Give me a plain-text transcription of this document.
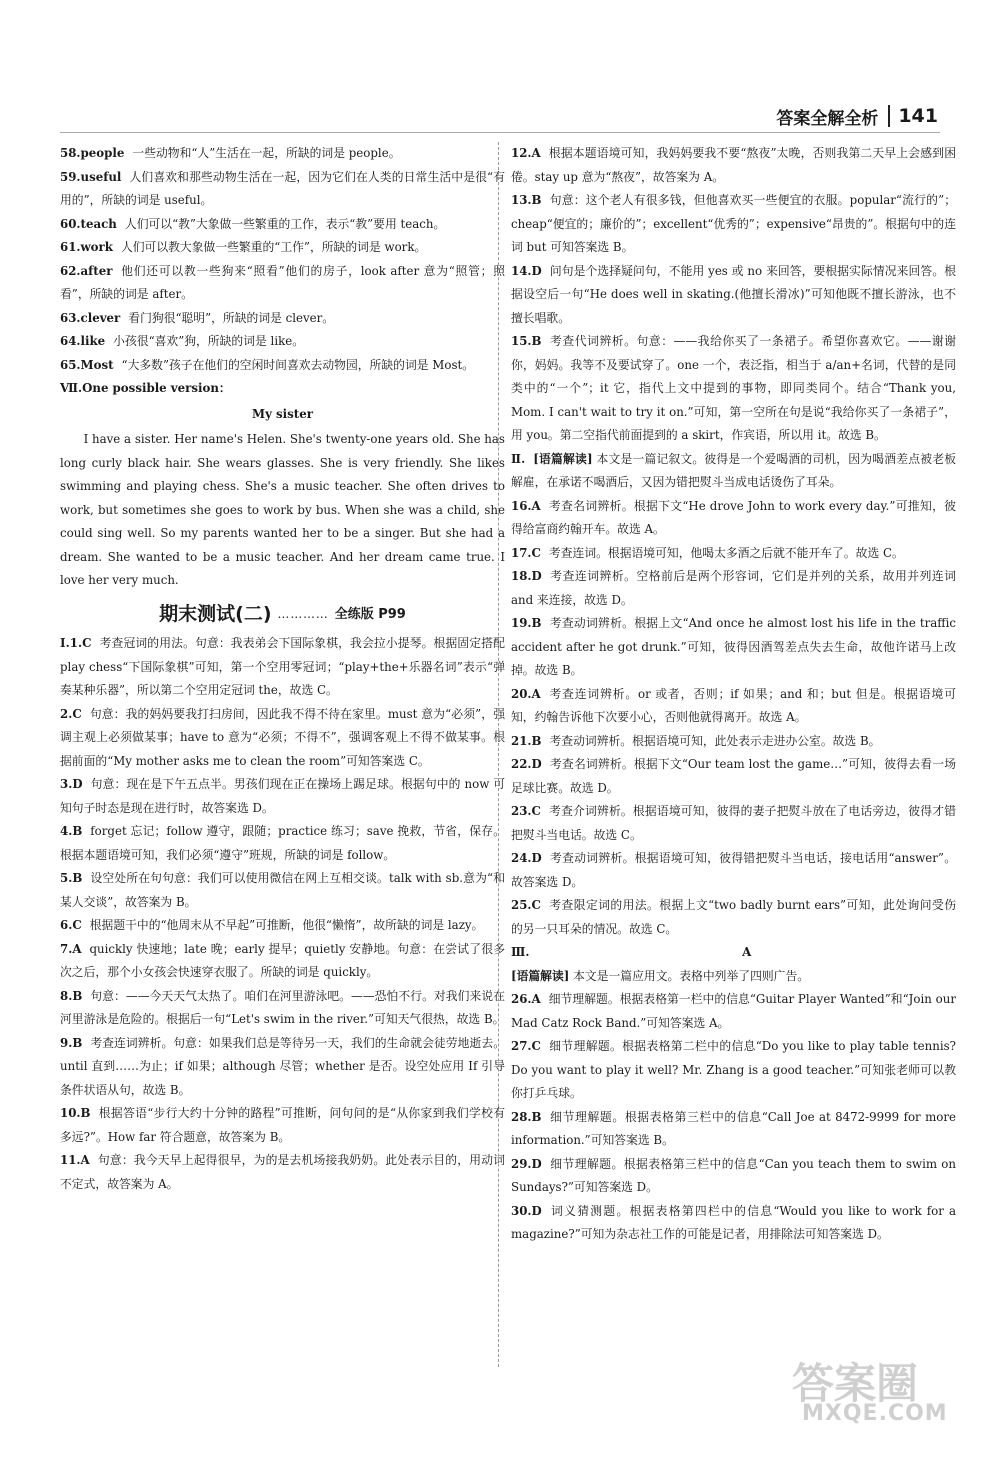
答案全解全析	141

58.people 一些动物和“人”生活在一起，所缺的词是 people。

59.useful 人们喜欢和那些动物生活在一起，因为它们在人类的日常生活中是很“有用的”，所缺的词是 useful。

60.teach 人们可以“教”大象做一些繁重的工作，表示“教”要用 teach。

61.work 人们可以教大象做一些繁重的“工作”，所缺的词是 work。

62.after 他们还可以教一些狗来“照看”他们的房子，look after 意为“照管；照看”，所缺的词是 after。

63.clever 看门狗很“聪明”，所缺的词是 clever。

64.like 小孩很“喜欢”狗，所缺的词是 like。

65.Most “大多数”孩子在他们的空闲时间喜欢去动物园，所缺的词是 Most。

Ⅶ.One possible version：

My sister

I have a sister. Her name's Helen. She's twenty-one years old. She has long curly black hair. She wears glasses. She is very friendly. She likes swimming and playing chess. She's a music teacher. She often drives to work, but sometimes she goes to work by bus. When she was a child, she could sing well. So my parents wanted her to be a singer. But she had a dream. She wanted to be a music teacher. And her dream came true. I love her very much.

期末测试(二) ………… 全练版 P99

Ⅰ.1.C 考查冠词的用法。句意：我表弟会下国际象棋，我会拉小提琴。根据固定搭配 play chess“下国际象棋”可知，第一个空用零冠词；“play+the+乐器名词”表示“弹奏某种乐器”，所以第二个空用定冠词 the，故选 C。

2.C 句意：我的妈妈要我打扫房间，因此我不得不待在家里。must 意为“必须”，强调主观上必须做某事；have to 意为“必须；不得不”，强调客观上不得不做某事。根据前面的“My mother asks me to clean the room”可知答案选 C。

3.D 句意：现在是下午五点半。男孩们现在正在操场上踢足球。根据句中的 now 可知句子时态是现在进行时，故答案选 D。

4.B forget 忘记；follow 遵守，跟随；practice 练习；save 挽救，节省，保存。根据本题语境可知，我们必须“遵守”班规，所缺的词是 follow。

5.B 设空处所在句句意：我们可以使用微信在网上互相交谈。talk with sb.意为“和某人交谈”，故答案为 B。

6.C 根据题干中的“他周末从不早起”可推断，他很“懒惰”，故所缺的词是 lazy。

7.A quickly 快速地；late 晚；early 提早；quietly 安静地。句意：在尝试了很多次之后，那个小女孩会快速穿衣服了。所缺的词是 quickly。

8.B 句意：——今天天气太热了。咱们在河里游泳吧。——恐怕不行。对我们来说在河里游泳是危险的。根据后一句“Let's swim in the river.”可知天气很热，故选 B。

9.B 考查连词辨析。句意：如果我们总是等待另一天，我们的生命就会徒劳地逝去。until 直到……为止；if 如果；although 尽管；whether 是否。设空处应用 If 引导条件状语从句，故选 B。

10.B 根据答语“步行大约十分钟的路程”可推断，问句问的是“从你家到我们学校有多远?”。How far 符合题意，故答案为 B。

11.A 句意：我今天早上起得很早，为的是去机场接我奶奶。此处表示目的，用动词不定式，故答案为 A。

12.A 根据本题语境可知，我妈妈要我不要“熬夜”太晚，否则我第二天早上会感到困倦。stay up 意为“熬夜”，故答案为 A。

13.B 句意：这个老人有很多钱，但他喜欢买一些便宜的衣服。popular“流行的”；cheap“便宜的；廉价的”；excellent“优秀的”；expensive“昂贵的”。根据句中的连词 but 可知答案选 B。

14.D 问句是个选择疑问句，不能用 yes 或 no 来回答，要根据实际情况来回答。根据设空后一句“He does well in skating.(他擅长滑冰)”可知他既不擅长游泳，也不擅长唱歌。

15.B 考查代词辨析。句意：——我给你买了一条裙子。希望你喜欢它。——谢谢你，妈妈。我等不及要试穿了。one 一个，表泛指，相当于 a/an+名词，代替的是同类中的“一个”；it 它，指代上文中提到的事物，即同类同个。结合“Thank you, Mom. I can't wait to try it on.”可知，第一空所在句是说“我给你买了一条裙子”，用 you。第二空指代前面提到的 a skirt，作宾语，所以用 it。故选 B。

Ⅱ. [语篇解读] 本文是一篇记叙文。彼得是一个爱喝酒的司机，因为喝酒差点被老板解雇，在承诺不喝酒后，又因为错把熨斗当成电话烫伤了耳朵。

16.A 考查名词辨析。根据下文“He drove John to work every day.”可推知，彼得给富商约翰开车。故选 A。

17.C 考查连词。根据语境可知，他喝太多酒之后就不能开车了。故选 C。

18.D 考查连词辨析。空格前后是两个形容词，它们是并列的关系，故用并列连词 and 来连接，故选 D。

19.B 考查动词辨析。根据上文“And once he almost lost his life in the traffic accident after he got drunk.”可知，彼得因酒驾差点失去生命，故他许诺马上改掉。故选 B。

20.A 考查连词辨析。or 或者，否则；if 如果；and 和；but 但是。根据语境可知，约翰告诉他下次要小心，否则他就得离开。故选 A。

21.B 考查动词辨析。根据语境可知，此处表示走进办公室。故选 B。

22.D 考查名词辨析。根据下文“Our team lost the game…”可知，彼得去看一场足球比赛。故选 D。

23.C 考查介词辨析。根据语境可知，彼得的妻子把熨斗放在了电话旁边，彼得才错把熨斗当电话。故选 C。

24.D 考查动词辨析。根据语境可知，彼得错把熨斗当电话，接电话用“answer”。故答案选 D。

25.C 考查限定词的用法。根据上文“two badly burnt ears”可知，此处询问受伤的另一只耳朵的情况。故选 C。

Ⅲ.	A

[语篇解读] 本文是一篇应用文。表格中列举了四则广告。

26.A 细节理解题。根据表格第一栏中的信息“Guitar Player Wanted”和“Join our Mad Catz Rock Band.”可知答案选 A。

27.C 细节理解题。根据表格第二栏中的信息“Do you like to play table tennis? Do you want to play it well? Mr. Zhang is a good teacher.”可知张老师可以教你打乒乓球。

28.B 细节理解题。根据表格第三栏中的信息“Call Joe at 8472-9999 for more information.”可知答案选 B。

29.D 细节理解题。根据表格第三栏中的信息“Can you teach them to swim on Sundays?”可知答案选 D。

30.D 词义猜测题。根据表格第四栏中的信息“Would you like to work for a magazine?”可知为杂志社工作的可能是记者，用排除法可知答案选 D。

答案圈
MXQE.COM
